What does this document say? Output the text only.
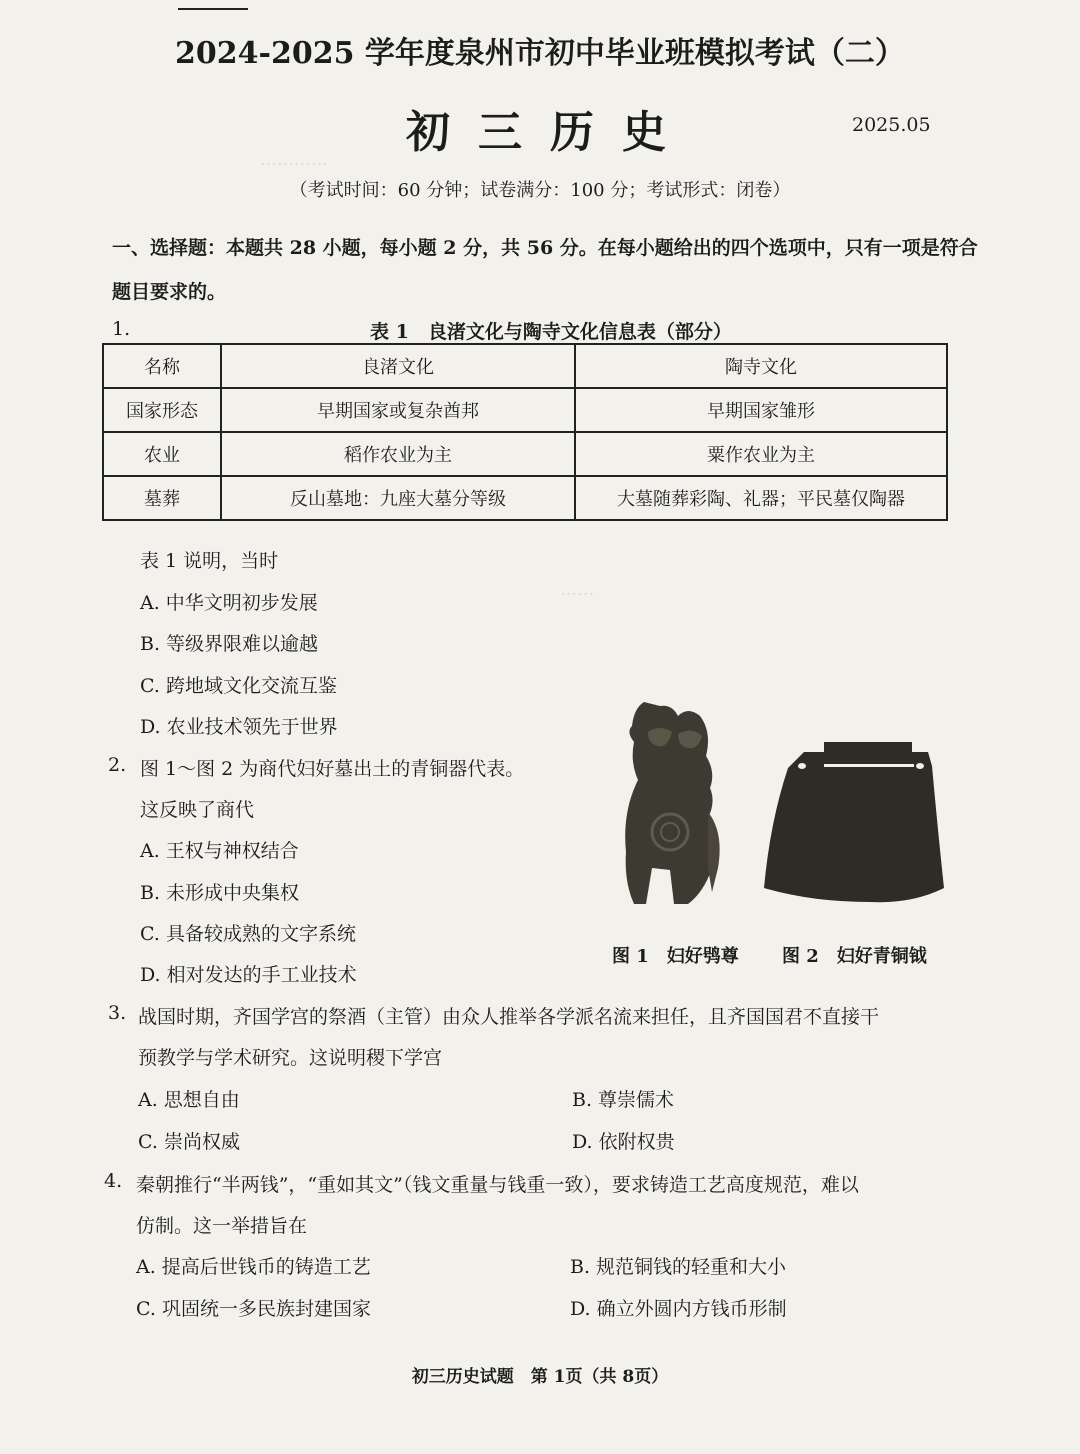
…………
……
2024-2025 学年度泉州市初中毕业班模拟考试（二）
初三历史	2025.05
（考试时间：60 分钟；试卷满分：100 分；考试形式：闭卷）
一、选择题：本题共 28 小题，每小题 2 分，共 56 分。在每小题给出的四个选项中，只有一项是符合题目要求的。
1.	表 1　良渚文化与陶寺文化信息表（部分）
名称	良渚文化	陶寺文化
国家形态	早期国家或复杂酋邦	早期国家雏形
农业	稻作农业为主	粟作农业为主
墓葬	反山墓地：九座大墓分等级	大墓随葬彩陶、礼器；平民墓仅陶器
表 1 说明，当时
A. 中华文明初步发展
B. 等级界限难以逾越
C. 跨地域文化交流互鉴
D. 农业技术领先于世界
2. 图 1～图 2 为商代妇好墓出土的青铜器代表。
这反映了商代
A. 王权与神权结合
B. 未形成中央集权
C. 具备较成熟的文字系统
D. 相对发达的手工业技术
图 1　妇好鸮尊 图 2　妇好青铜钺
3. 战国时期，齐国学宫的祭酒（主管）由众人推举各学派名流来担任，且齐国国君不直接干
预教学与学术研究。这说明稷下学宫
A. 思想自由	B. 尊崇儒术
C. 崇尚权威	D. 依附权贵
4. 秦朝推行“半两钱”，“重如其文”（钱文重量与钱重一致），要求铸造工艺高度规范，难以
仿制。这一举措旨在
A. 提高后世钱币的铸造工艺	B. 规范铜钱的轻重和大小
C. 巩固统一多民族封建国家	D. 确立外圆内方钱币形制
初三历史试题　第 1页（共 8页）
